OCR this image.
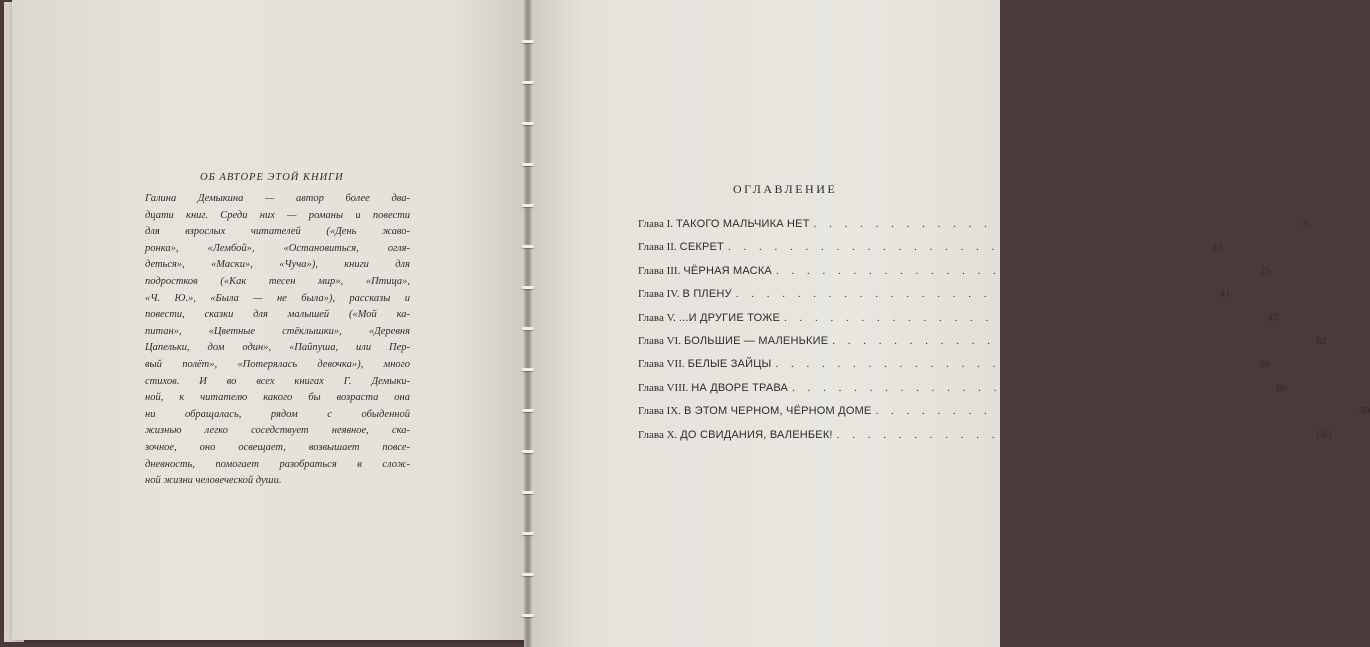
ОБ АВТОРЕ ЭТОЙ КНИГИ
Галина Демыкина — автор более два-
дцати книг. Среди них — романы и повести
для взрослых читателей («День жаво-
ронка», «Лембой», «Остановиться, огля-
деться», «Маски», «Чуча»), книги для
подростков («Как тесен мир», «Птица»,
«Ч. Ю.», «Была — не была»), рассказы и
повести, сказки для малышей («Мой ка-
питан», «Цветные стёклышки», «Деревня
Цапельки, дом один», «Пайпуша, или Пер-
вый полёт», «Потерялась девочка»), много
стихов. И во всех книгах Г. Демыки-
ной, к читателю какого бы возраста она
ни обращалась, рядом с обыденной
жизнью легко соседствует неявное, ска-
зочное, оно освещает, возвышает повсе-
дневность, помогает разобраться в слож-
ной жизни человеческой души.
ОГЛАВЛЕНИЕ
Глава I. ТАКОГО МАЛЬЧИКА НЕТ . . . . . . . . . . . . . . . . . . . . . . . . . . . . . . .	5
Глава II. СЕКРЕТ . . . . . . . . . . . . . . . . . . . . . . . . . . . . . . .	13
Глава III. ЧЁРНАЯ МАСКА . . . . . . . . . . . . . . . . . . . . . . . . . . . . . . .	25
Глава IV. В ПЛЕНУ . . . . . . . . . . . . . . . . . . . . . . . . . . . . . . .	41
Глава V. ...И ДРУГИЕ ТОЖЕ . . . . . . . . . . . . . . . . . . . . . . . . . . . . . . .	47
Глава VI. БОЛЬШИЕ — МАЛЕНЬКИЕ . . . . . . . . . . . . . . . . . . . . . . . . . . . . . . .	62
Глава VII. БЕЛЫЕ ЗАЙЦЫ . . . . . . . . . . . . . . . . . . . . . . . . . . . . . . .	68
Глава VIII. НА ДВОРЕ ТРАВА . . . . . . . . . . . . . . . . . . . . . . . . . . . . . . .	80
Глава IX. В ЭТОМ ЧЕРНОМ, ЧЁРНОМ ДОМЕ . . . . . . . . . . . . . . . . . . . . . . . . . . . . . . .	90
Глава X. ДО СВИДАНИЯ, ВАЛЕНБЕК! . . . . . . . . . . . . . . . . . . . . . . . . . . . . . . . 103
